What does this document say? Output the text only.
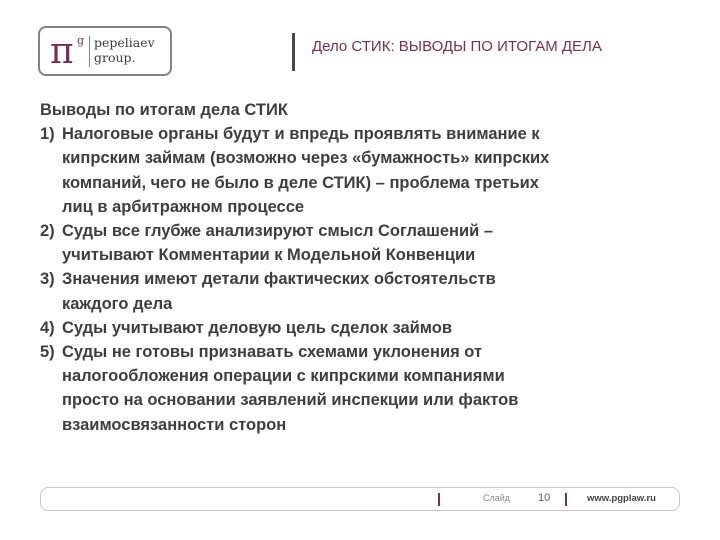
π g pepeliaev
group.
Дело СТИК: ВЫВОДЫ ПО ИТОГАМ ДЕЛА
Выводы по итогам дела СТИК
1) Налоговые органы будут и впредь проявлять внимание к
кипрским займам (возможно через «бумажность» кипрских
компаний, чего не было в деле СТИК) – проблема третьих
лиц в арбитражном процессе
2) Суды все глубже анализируют смысл Соглашений –
учитывают Комментарии к Модельной Конвенции
3) Значения имеют детали фактических обстоятельств
каждого дела
4) Суды учитывают деловую цель сделок займов
5) Суды не готовы признавать схемами уклонения от
налогообложения операции с кипрскими компаниями
просто на основании заявлений инспекции или фактов
взаимосвязанности сторон
Слайд	10	www.pgplaw.ru
